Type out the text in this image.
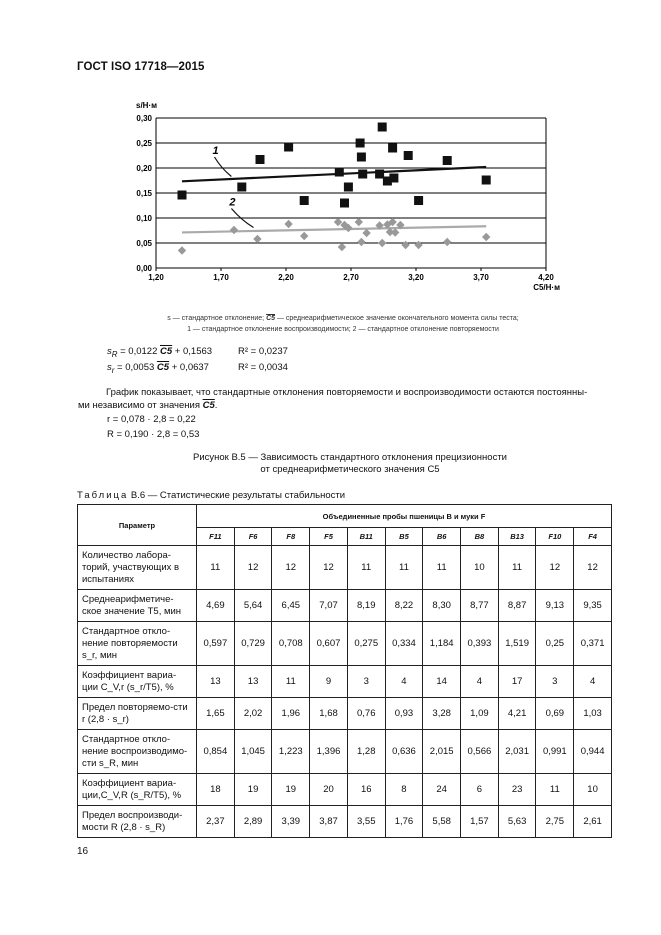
ГОСТ ISO 17718—2015
0,00
0,05
0,10
0,15
0,20
0,25
0,30
1,20	1,70	2,20	2,70	3,20	3,70	4,20
s/Н·м
C5/Н·м
1
2
s — стандартное отклонение; C5 — среднеарифметическое значение окончательного момента силы теста;
1 — стандартное отклонение воспроизводимости; 2 — стандартное отклонение повторяемости
$s_R = 0,0122$ C5 + 0,1563	R² = 0,0237
$s_r = 0,0053$ C5 + 0,0637	R² = 0,0034
График показывает, что стандартные отклонения повторяемости и воспроизводимости остаются постоянны-ми независимо от значения C5.
r = 0,078 · 2,8 = 0,22
R = 0,190 · 2,8 = 0,53
Рисунок В.5 — Зависимость стандартного отклонения прецизионности
от среднеарифметического значения C5
Таблица В.6 — Статистические результаты стабильности
Параметр	Объединенные пробы пшеницы B и муки F										
	F11	F6	F8	F5	B11	B5	B6	B8	B13	F10	F4
Количество лабора-торий, участвующих в испытаниях	11	12	12	12	11	11	11	10	11	12	12
Среднеарифметиче-ское значение T5, мин	4,69	5,64	6,45	7,07	8,19	8,22	8,30	8,77	8,87	9,13	9,35
Стандартное откло-нение повторяемости s_r, мин	0,597	0,729	0,708	0,607	0,275	0,334	1,184	0,393	1,519	0,25	0,371
Коэффициент вариа-ции C_V,r (s_r/T5), %	13	13	11	9	3	4	14	4	17	3	4
Предел повторяемо-сти r (2,8 · s_r)	1,65	2,02	1,96	1,68	0,76	0,93	3,28	1,09	4,21	0,69	1,03
Стандартное откло-нение воспроизводимо-сти s_R, мин	0,854	1,045	1,223	1,396	1,28	0,636	2,015	0,566	2,031	0,991	0,944
Коэффициент вариа-ции,C_V,R (s_R/T5), %	18	19	19	20	16	8	24	6	23	11	10
Предел воспроизводи-мости R (2,8 · s_R)	2,37	2,89	3,39	3,87	3,55	1,76	5,58	1,57	5,63	2,75	2,61
16
